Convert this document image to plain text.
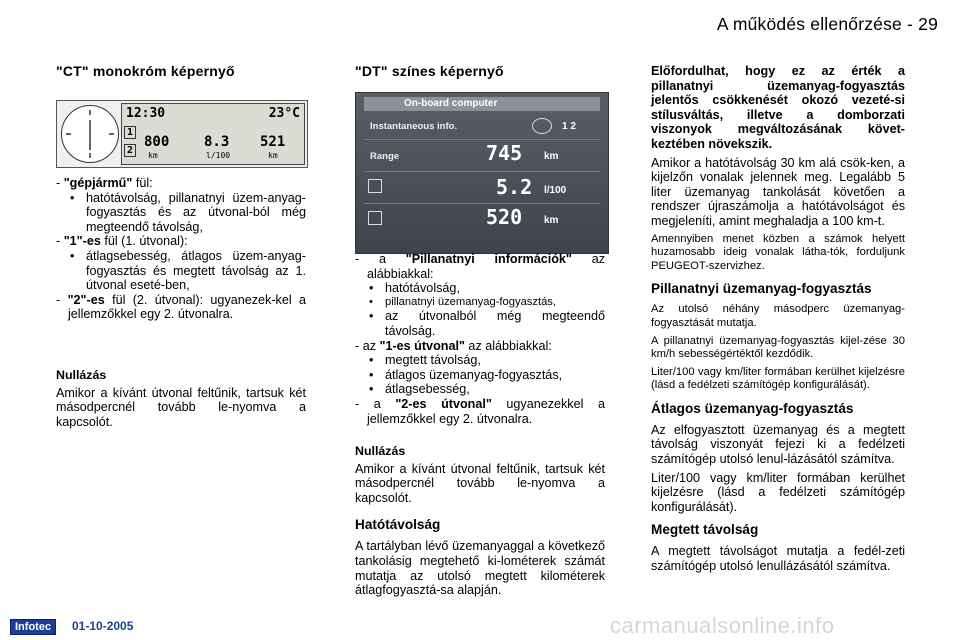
A működés ellenőrzése - 29
"CT" monokróm képernyő
12:30	23°C
1
2
800 8.3 521
km	l/100	km

- "gépjármű" fül:

• hatótávolság, pillanatnyi üzem-anyag-fogyasztás és az útvonal-ból még megteendő távolság,

- "1"-es fül (1. útvonal):

• átlagsebesség, átlagos üzem-anyag-fogyasztás és megtett távolság az 1. útvonal eseté-ben,

- "2"-es fül (2. útvonal): ugyanezek-kel a jellemzőkkel egy 2. útvonalra.

Nullázás

Amikor a kívánt útvonal feltűnik, tartsuk két másodpercnél tovább le-nyomva a kapcsolót.

"DT" színes képernyő
On-board computer
Instantaneous info.	1 2
Range	745 km
5.2 l/100
520 km

- a "Pillanatnyi információk" az alábbiakkal:

• hatótávolság,

• pillanatnyi üzemanyag-fogyasztás,

• az útvonalból még megteendő távolság.

- az "1-es útvonal" az alábbiakkal:

• megtett távolság,

• átlagos üzemanyag-fogyasztás,

• átlagsebesség,

- a "2-es útvonal" ugyanezekkel a jellemzőkkel egy 2. útvonalra.

Nullázás

Amikor a kívánt útvonal feltűnik, tartsuk két másodpercnél tovább le-nyomva a kapcsolót.

Hatótávolság

A tartályban lévő üzemanyaggal a következő tankolásig megtehető ki-lométerek számát mutatja az utolsó megtett kilométerek átlagfogyasztá-sa alapján.

Előfordulhat, hogy ez az érték a pillanatnyi üzemanyag-fogyasztás jelentős csökkenését okozó vezeté-si stílusváltás, illetve a domborzati viszonyok megváltozásának követ-keztében növekszik.

Amikor a hatótávolság 30 km alá csök-ken, a kijelzőn vonalak jelennek meg. Legalább 5 liter üzemanyag tankolását követően a rendszer újraszámolja a hatótávolságot és megjeleníti, amint meghaladja a 100 km-t.

Amennyiben menet közben a számok helyett huzamosabb ideig vonalak látha-tók, forduljunk PEUGEOT-szervizhez.

Pillanatnyi üzemanyag-fogyasztás

Az utolsó néhány másodperc üzemanyag-fogyasztását mutatja.

A pillanatnyi üzemanyag-fogyasztás kijel-zése 30 km/h sebességértéktől kezdődik.

Liter/100 vagy km/liter formában kerülhet kijelzésre (lásd a fedélzeti számítógép konfigurálását).

Átlagos üzemanyag-fogyasztás

Az elfogyasztott üzemanyag és a megtett távolság viszonyát fejezi ki a fedélzeti számítógép utolsó lenul-lázásától számítva.

Liter/100 vagy km/liter formában kerülhet kijelzésre (lásd a fedélzeti számítógép konfigurálását).

Megtett távolság

A megtett távolságot mutatja a fedél-zeti számítógép utolsó lenullázásától számítva.

Infotec	01-10-2005	carmanualsonline.info
